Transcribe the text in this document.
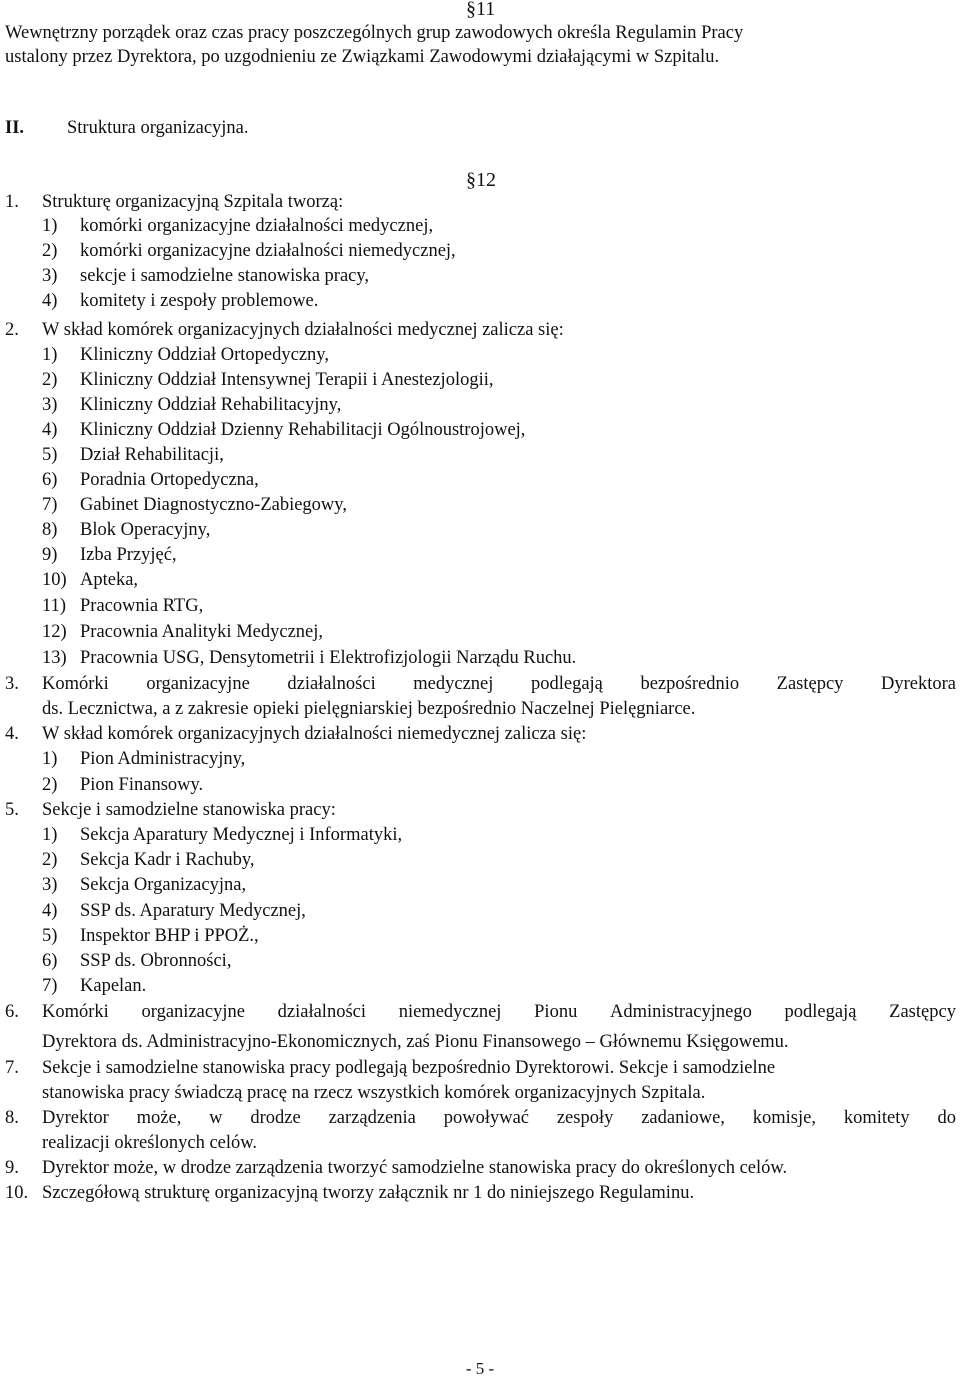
§11
Wewnętrzny porządek oraz czas pracy poszczególnych grup zawodowych określa Regulamin Pracy
ustalony przez Dyrektora, po uzgodnieniu ze Związkami Zawodowymi działającymi w Szpitalu.
II. Struktura organizacyjna.
§12
1. Strukturę organizacyjną Szpitala tworzą:
1) komórki organizacyjne działalności medycznej,
2) komórki organizacyjne działalności niemedycznej,
3) sekcje i samodzielne stanowiska pracy,
4) komitety i zespoły problemowe.
2. W skład komórek organizacyjnych działalności medycznej zalicza się:
1) Kliniczny Oddział Ortopedyczny,
2) Kliniczny Oddział Intensywnej Terapii i Anestezjologii,
3) Kliniczny Oddział Rehabilitacyjny,
4) Kliniczny Oddział Dzienny Rehabilitacji Ogólnoustrojowej,
5) Dział Rehabilitacji,
6) Poradnia Ortopedyczna,
7) Gabinet Diagnostyczno-Zabiegowy,
8) Blok Operacyjny,
9) Izba Przyjęć,
10) Apteka,
11) Pracownia RTG,
12) Pracownia Analityki Medycznej,
13) Pracownia USG, Densytometrii i Elektrofizjologii Narządu Ruchu.
3. Komórki organizacyjne działalności medycznej podlegają bezpośrednio Zastępcy Dyrektora
ds. Lecznictwa, a z zakresie opieki pielęgniarskiej bezpośrednio Naczelnej Pielęgniarce.
4. W skład komórek organizacyjnych działalności niemedycznej zalicza się:
1) Pion Administracyjny,
2) Pion Finansowy.
5. Sekcje i samodzielne stanowiska pracy:
1) Sekcja Aparatury Medycznej i Informatyki,
2) Sekcja Kadr i Rachuby,
3) Sekcja Organizacyjna,
4) SSP ds. Aparatury Medycznej,
5) Inspektor BHP i PPOŻ.,
6) SSP ds. Obronności,
7) Kapelan.
6. Komórki organizacyjne działalności niemedycznej Pionu Administracyjnego podlegają Zastępcy
Dyrektora ds. Administracyjno-Ekonomicznych, zaś Pionu Finansowego – Głównemu Księgowemu.
7. Sekcje i samodzielne stanowiska pracy podlegają bezpośrednio Dyrektorowi. Sekcje i samodzielne
stanowiska pracy świadczą pracę na rzecz wszystkich komórek organizacyjnych Szpitala.
8. Dyrektor może, w drodze zarządzenia powoływać zespoły zadaniowe, komisje, komitety do
realizacji określonych celów.
9. Dyrektor może, w drodze zarządzenia tworzyć samodzielne stanowiska pracy do określonych celów.
10. Szczegółową strukturę organizacyjną tworzy załącznik nr 1 do niniejszego Regulaminu.
- 5 -
